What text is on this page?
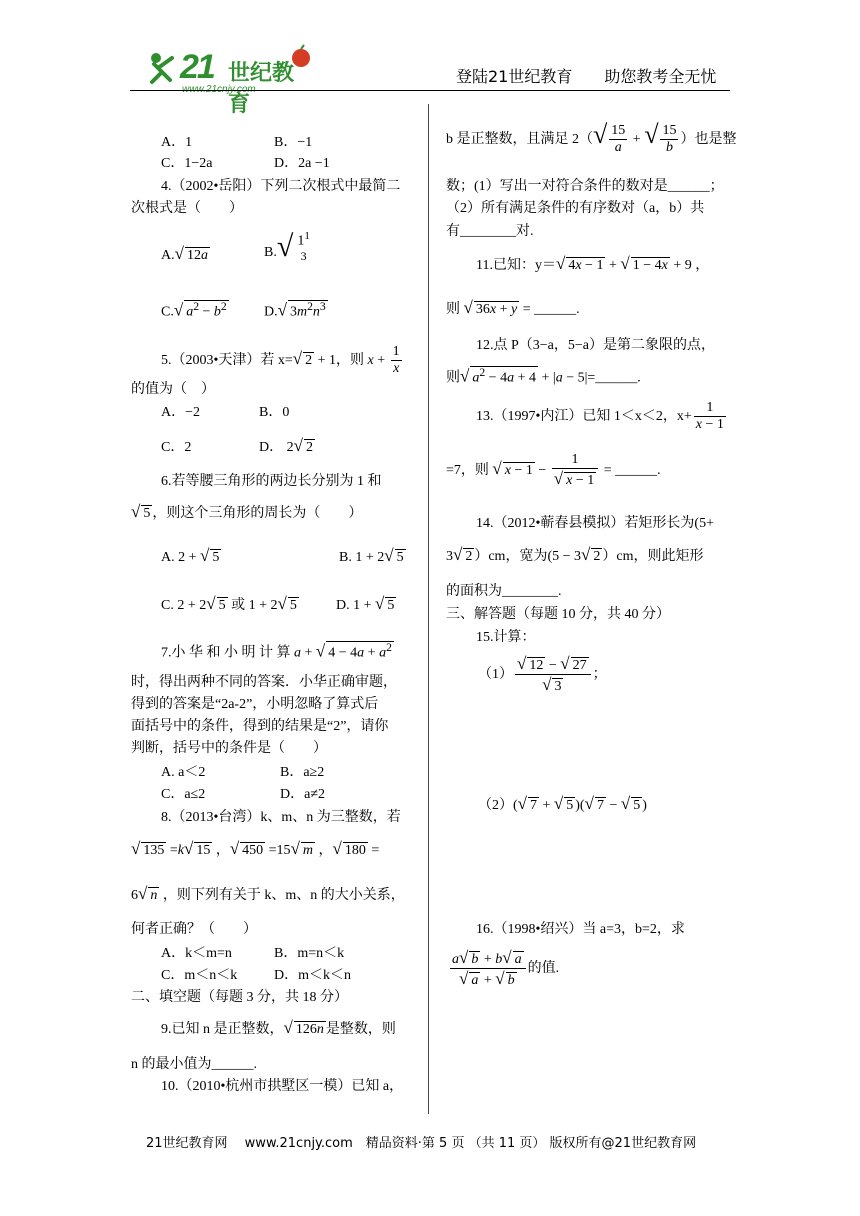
21 世纪教育
www.21cnjy.com
登陆21世纪教育　　助您教考全无忧
A．1	B．−1
C．1−2a	D．2a −1
4.（2002•岳阳）下列二次根式中最简二
次根式是（　　）
A.√ 12a	B.√ $1^1$
3
C.√ $a^2 - b^2$	D.√ $3m^2n^3$
5.（2003•天津）若 x=√ 2 + 1，则 $x + \frac{1}{x}$
的值为（　）
A．−2	B．0
C．2	D． 2√ 2
6.若等腰三角形的两边长分别为 1 和
√ 5 ，则这个三角形的周长为（　　）
A. 2 + √ 5	B. 1 + 2√ 5
C. 2 + 2√ 5 或 1 + 2√ 5	D. 1 + √ 5
7.小 华 和 小 明 计 算 a + √ $4 - 4a + a^2$
时，得出两种不同的答案．小华正确审题，
得到的答案是“2a-2”，小明忽略了算式后
面括号中的条件，得到的结果是“2”，请你
判断，括号中的条件是（　　）
A. a＜2	B．a≥2
C．a≤2	D．a≠2
8.（2013•台湾）k、m、n 为三整数，若
√ 135 =k√ 15 ，√ 450 =15√ m ，√ 180 =
6√ n ，则下列有关于 k、m、n 的大小关系，
何者正确？（　　）
A．k＜m=n	B．m=n＜k
C．m＜n＜k	D．m＜k＜n
二、填空题（每题 3 分，共 18 分）
9.已知 n 是正整数，√ 126n 是整数，则
n 的最小值为______.
10.（2010•杭州市拱墅区一模）已知 a，
b 是正整数，且满足 $2(√ \frac{15}{a}$ + √ $\frac{15}{b}$ ）也是整
数；(1）写出一对符合条件的数对是______；
（2）所有满足条件的有序数对（a，b）共
有________对.
11.已知：y＝√ 4x − 1 + √ 1 − 4x + 9 ，
则 √ 36x + y = ______.
12.点 P（3−a，5−a）是第二象限的点，
则√ $a^2 - 4a + 4 + |a$ − 5|=______.
13.（1997•内江）已知 1＜x＜2，$x+ \frac{1}{x - 1}$
=7，则 √ $x - 1 - \frac{1}{√ x - 1}$ = ______.
14.（2012•蕲春县模拟）若矩形长为(5+
3√ 2 ）cm，宽为(5 − 3√ 2 ）cm，则此矩形
的面积为________.
三、解答题（每题 10 分，共 40 分）
15.计算：
$(1) \frac{√ 12 - √ 27}{√ 3}$ ；
（2）(√ 7 + √ 5 )(√ 7 − √ 5 )
16.（1998•绍兴）当 a=3，b=2，求
$\frac{a√ b + b√ a}{√ a + √ b}$ 的值.
21世纪教育网　 www.21cnjy.com　精品资料·第 5 页 （共 11 页） 版权所有@21世纪教育网
